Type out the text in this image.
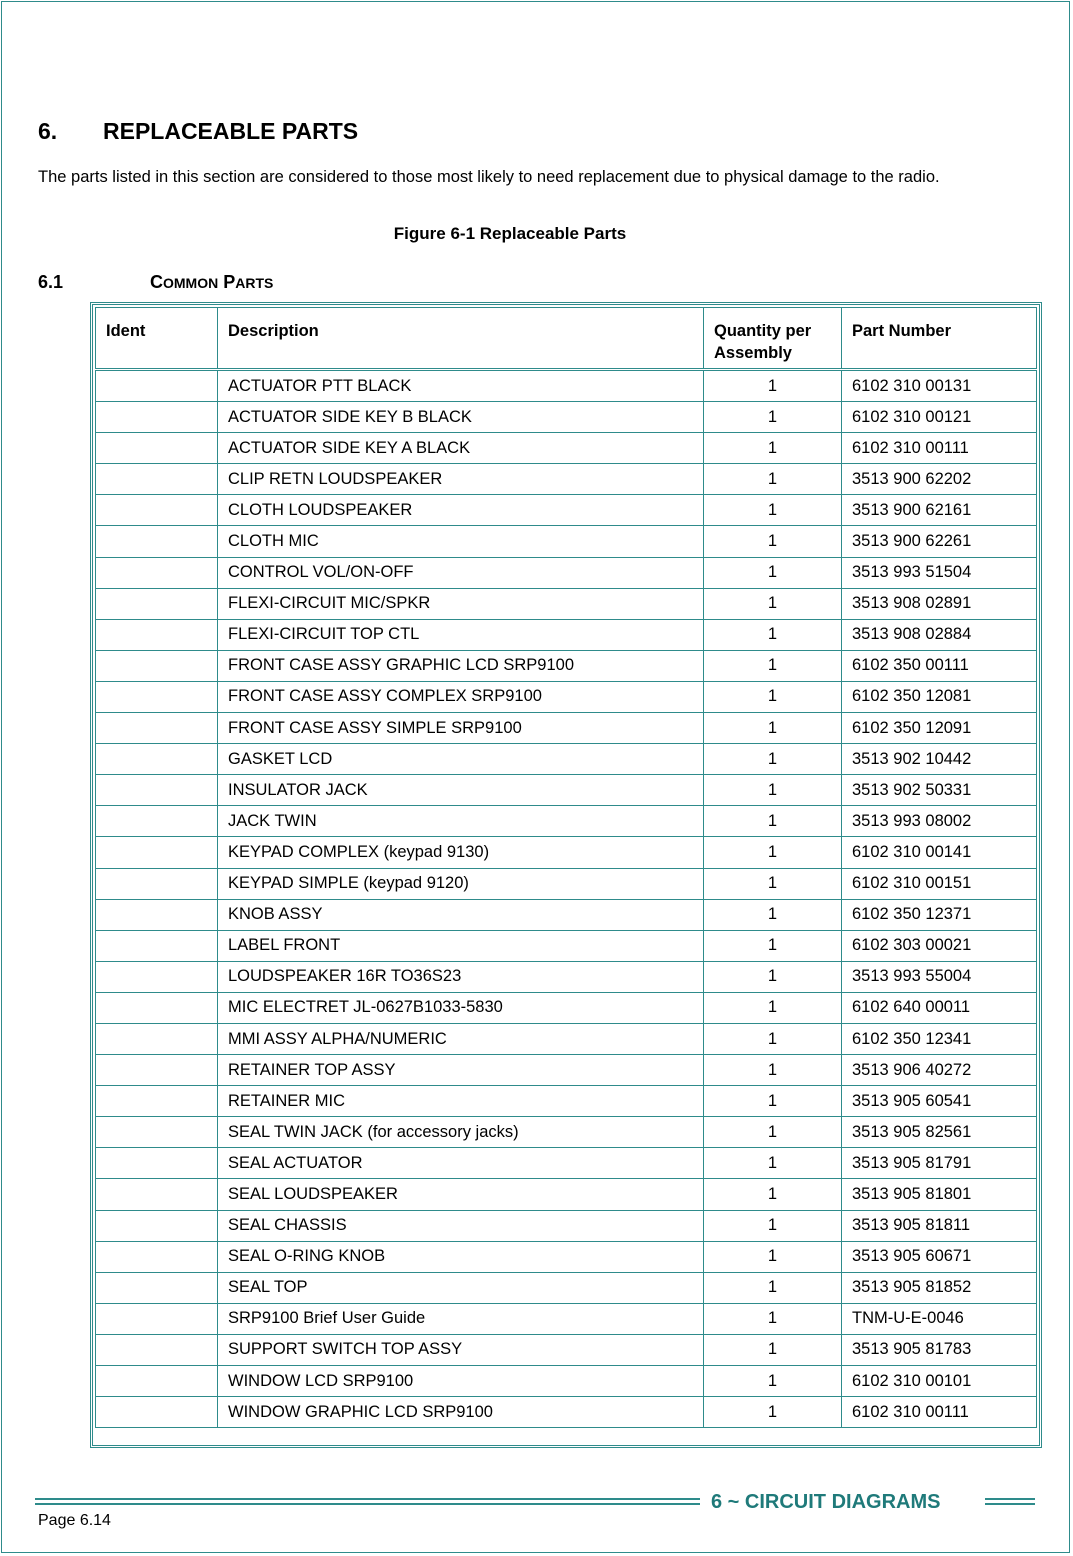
6. REPLACEABLE PARTS

The parts listed in this section are considered to those most likely to need replacement due to physical damage to the radio.

Figure 6-1 Replaceable Parts
6.1	COMMON PARTS
Ident	Description	Quantity per Assembly	Part Number
	ACTUATOR PTT BLACK	1	6102 310 00131
	ACTUATOR SIDE KEY B BLACK	1	6102 310 00121
	ACTUATOR SIDE KEY A BLACK	1	6102 310 00111
	CLIP RETN LOUDSPEAKER	1	3513 900 62202
	CLOTH LOUDSPEAKER	1	3513 900 62161
	CLOTH MIC	1	3513 900 62261
	CONTROL VOL/ON-OFF	1	3513 993 51504
	FLEXI-CIRCUIT MIC/SPKR	1	3513 908 02891
	FLEXI-CIRCUIT TOP CTL	1	3513 908 02884
	FRONT CASE ASSY GRAPHIC LCD SRP9100	1	6102 350 00111
	FRONT CASE ASSY COMPLEX SRP9100	1	6102 350 12081
	FRONT CASE ASSY SIMPLE SRP9100	1	6102 350 12091
	GASKET LCD	1	3513 902 10442
	INSULATOR JACK	1	3513 902 50331
	JACK TWIN	1	3513 993 08002
	KEYPAD COMPLEX (keypad 9130)	1	6102 310 00141
	KEYPAD SIMPLE (keypad 9120)	1	6102 310 00151
	KNOB ASSY	1	6102 350 12371
	LABEL FRONT	1	6102 303 00021
	LOUDSPEAKER 16R TO36S23	1	3513 993 55004
	MIC ELECTRET JL-0627B1033-5830	1	6102 640 00011
	MMI ASSY ALPHA/NUMERIC	1	6102 350 12341
	RETAINER TOP ASSY	1	3513 906 40272
	RETAINER MIC	1	3513 905 60541
	SEAL TWIN JACK (for accessory jacks)	1	3513 905 82561
	SEAL ACTUATOR	1	3513 905 81791
	SEAL LOUDSPEAKER	1	3513 905 81801
	SEAL CHASSIS	1	3513 905 81811
	SEAL O-RING KNOB	1	3513 905 60671
	SEAL TOP	1	3513 905 81852
	SRP9100 Brief User Guide	1	TNM-U-E-0046
	SUPPORT SWITCH TOP ASSY	1	3513 905 81783
	WINDOW LCD SRP9100	1	6102 310 00101
	WINDOW GRAPHIC LCD SRP9100	1	6102 310 00111
6 ~ CIRCUIT DIAGRAMS
Page 6.14
